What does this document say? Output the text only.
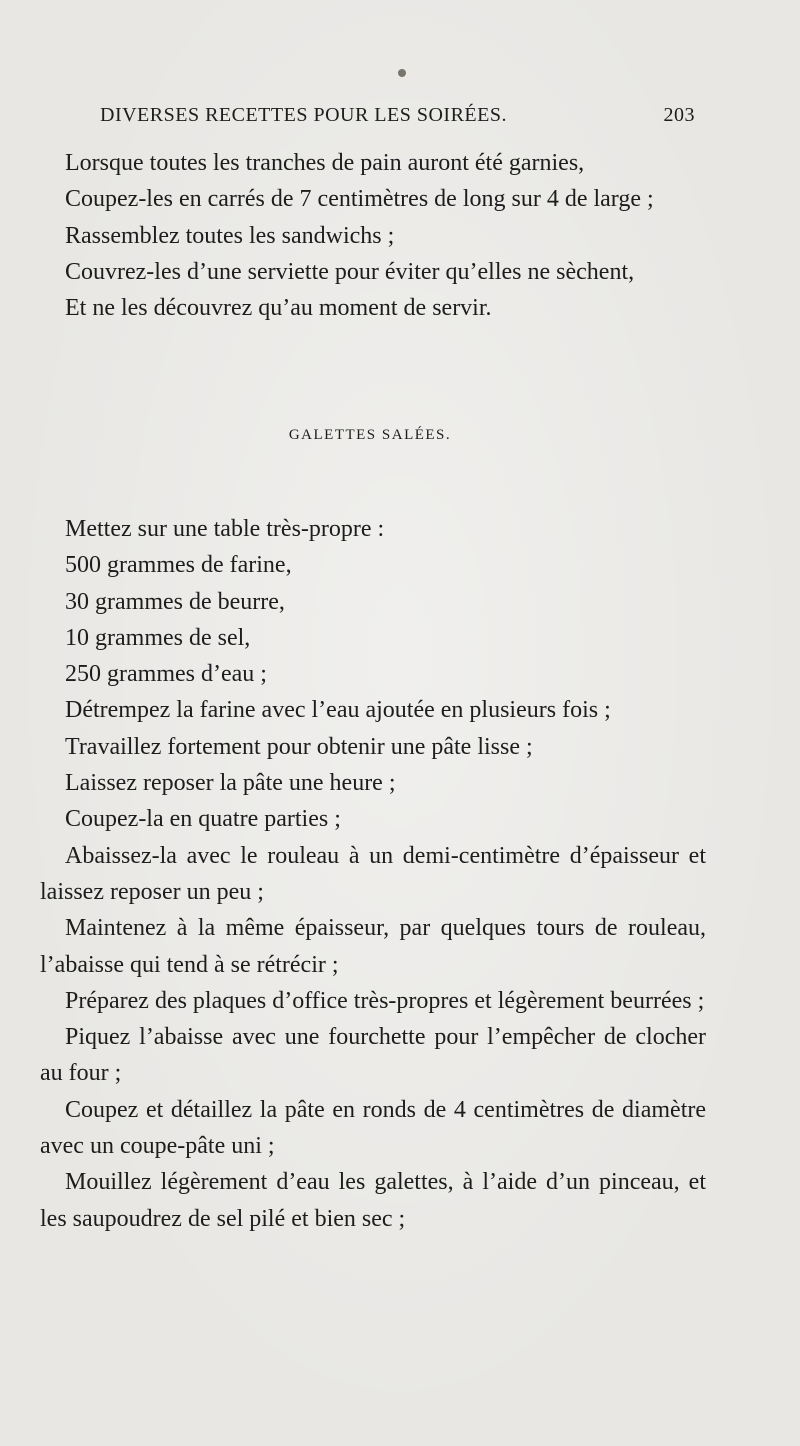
DIVERSES RECETTES POUR LES SOIRÉES.	203

Lorsque toutes les tranches de pain auront été garnies,

Coupez-les en carrés de 7 centimètres de long sur 4 de large ;

Rassemblez toutes les sandwichs ;

Couvrez-les d’une serviette pour éviter qu’elles ne sèchent,

Et ne les découvrez qu’au moment de servir.

GALETTES SALÉES.

Mettez sur une table très-propre :

500 grammes de farine,

30 grammes de beurre,

10 grammes de sel,

250 grammes d’eau ;

Détrempez la farine avec l’eau ajoutée en plusieurs fois ;

Travaillez fortement pour obtenir une pâte lisse ;

Laissez reposer la pâte une heure ;

Coupez-la en quatre parties ;

Abaissez-la avec le rouleau à un demi-centimètre d’épaisseur et laissez reposer un peu ;

Maintenez à la même épaisseur, par quelques tours de rouleau, l’abaisse qui tend à se rétrécir ;

Préparez des plaques d’office très-propres et légèrement beurrées ;

Piquez l’abaisse avec une fourchette pour l’empêcher de clocher au four ;

Coupez et détaillez la pâte en ronds de 4 centimètres de diamètre avec un coupe-pâte uni ;

Mouillez légèrement d’eau les galettes, à l’aide d’un pinceau, et les saupoudrez de sel pilé et bien sec ;
